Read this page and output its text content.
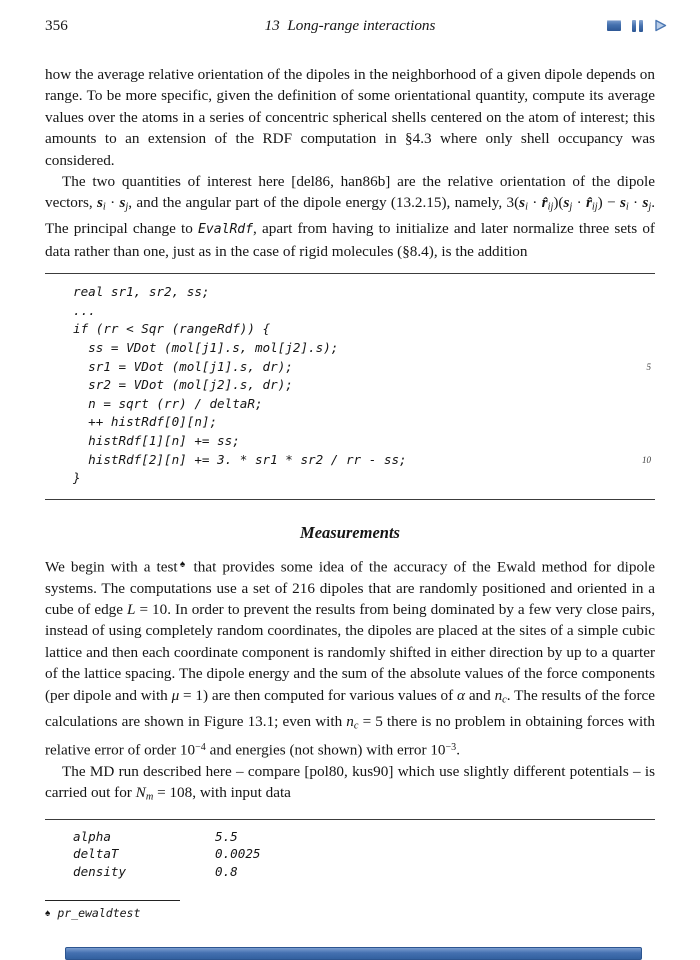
356	13  Long-range interactions

how the average relative orientation of the dipoles in the neighborhood of a given dipole depends on range. To be more specific, given the definition of some orientational quantity, compute its average values over the atoms in a series of concentric spherical shells centered on the atom of interest; this amounts to an extension of the RDF computation in §4.3 where only shell occupancy was considered.

The two quantities of interest here [del86, han86b] are the relative orientation of the dipole vectors, si · sj, and the angular part of the dipole energy (13.2.15), namely, 3(si · r̂ij)(sj · r̂ij) − si · sj. The principal change to EvalRdf, apart from having to initialize and later normalize three sets of data rather than one, just as in the case of rigid molecules (§8.4), is the addition

real sr1, sr2, ss;
...
if (rr < Sqr (rangeRdf)) {
ss = VDot (mol[j1].s, mol[j2].s);
sr1 = VDot (mol[j1].s, dr);	5
sr2 = VDot (mol[j2].s, dr);
n = sqrt (rr) / deltaR;
++ histRdf[0][n];
histRdf[1][n] += ss;
histRdf[2][n] += 3. * sr1 * sr2 / rr - ss;	10
}
Measurements

We begin with a test♠ that provides some idea of the accuracy of the Ewald method for dipole systems. The computations use a set of 216 dipoles that are randomly positioned and oriented in a cube of edge L = 10. In order to prevent the results from being dominated by a few very close pairs, instead of using completely random coordinates, the dipoles are placed at the sites of a simple cubic lattice and then each coordinate component is randomly shifted in either direction by up to a quarter of the lattice spacing. The dipole energy and the sum of the absolute values of the force components (per dipole and with μ = 1) are then computed for various values of α and nc. The results of the force calculations are shown in Figure 13.1; even with nc = 5 there is no problem in obtaining forces with relative error of order $10^{-4}$ and energies (not shown) with error $10^{-3}$.

The MD run described here – compare [pol80, kus90] which use slightly different potentials – is carried out for Nm = 108, with input data

alpha	5.5
deltaT	0.0025
density	0.8
♠ pr_ewaldtest
